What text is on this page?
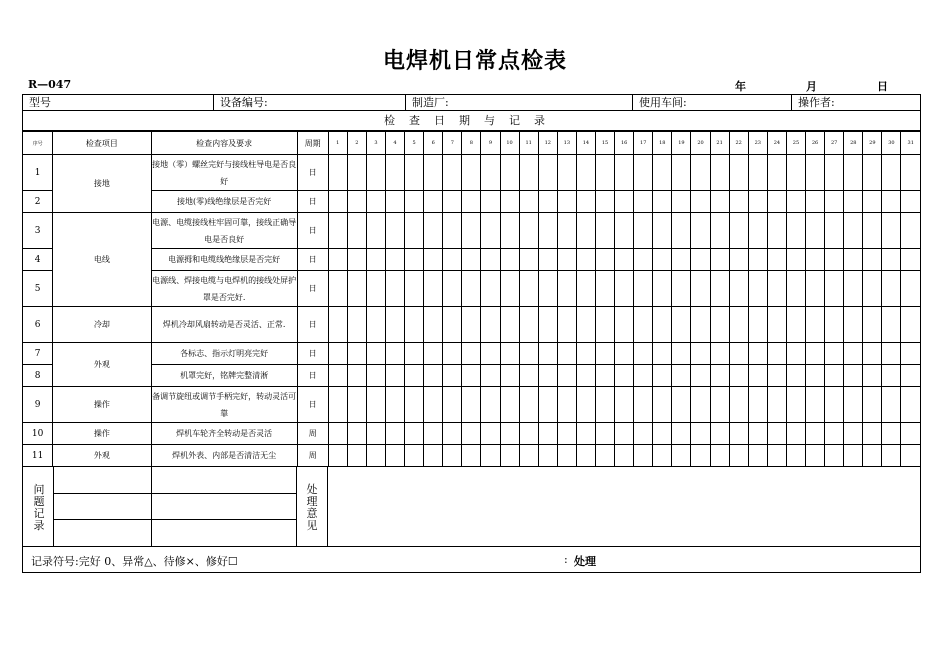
电焊机日常点检表
R—047	年	月	日
型号	设备编号:	制造厂:	使用车间:	操作者:
检查日期与记录
序号	检查项目	检查内容及要求	周期	1	2	3	4	5	6	7	8	9	10	11	12	13	14	15	16	17	18	19	20	21	22	23	24	25	26	27	28	29	30	31
1	接地	接地（零）螺丝完好与接线柱导电是否良好	日																															
2		接地(零)线绝缘层是否完好	日																															
3	电线	电源、电缆接线柱牢固可靠，接线正确导电是否良好	日																															
4		电源拇和电缆线绝缘层是否完好	日																															
5		电源线、焊接电缆与电焊机的接线处屏护罩是否完好.	日																															
6	冷却	焊机冷却风扇转动是否灵活、正常.	日																															
7	外观	各标志、指示灯明亮完好	日																															
8		机罩完好，铭牌完整清淅	日																															
9	操作	备调节旋纽或调节手柄完好，转动灵活可靠	日																															
10	操作	焊机车轮齐全转动是否灵活	周																															
11	外观	焊机外表、内部是否清洁无尘	周																															
问
题
记
录
处
理
意
见
记录符号:完好 0、异常△、待修×、修好☐	: 处理
